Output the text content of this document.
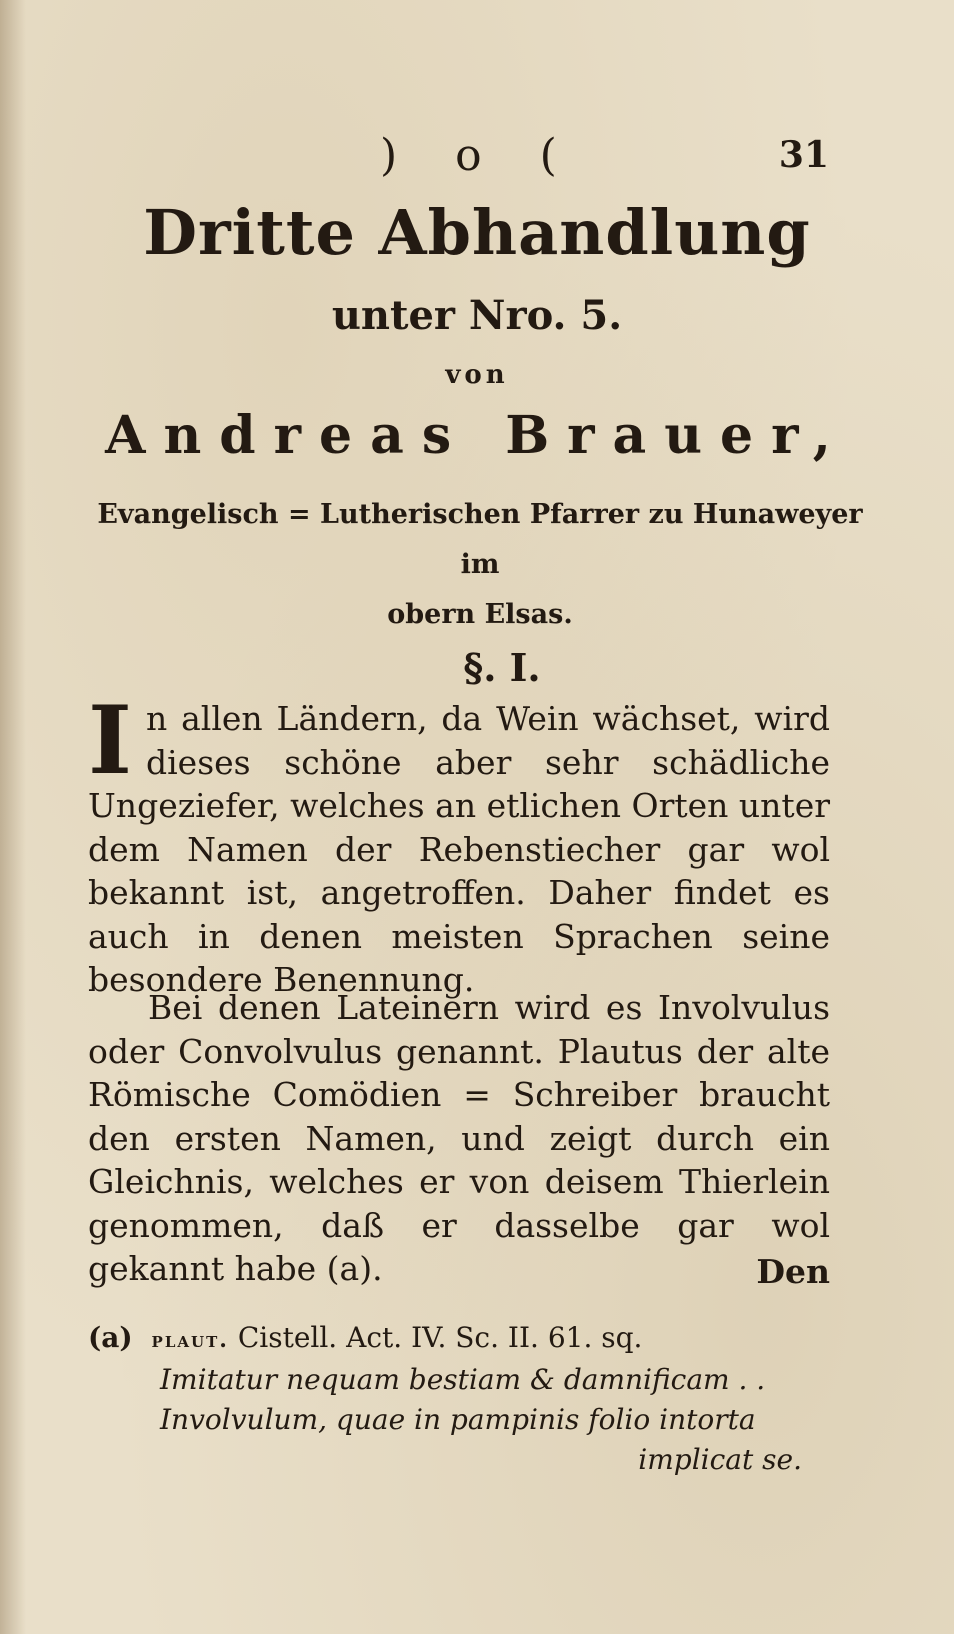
) o (	31
Dritte Abhandlung
unter Nro. 5.
von
Andreas Brauer,
Evangelisch = Lutherischen Pfarrer zu Hunaweyer im
obern Elsas.
§. I.
In allen Ländern, da Wein wächset, wird dieses schöne aber sehr schädliche Ungeziefer, welches an etlichen Orten unter dem Namen der Rebenstiecher gar wol bekannt ist, angetroffen. Daher findet es auch in denen meisten Sprachen seine besondere Benennung.
Bei denen Lateinern wird es Involvulus oder Convolvulus genannt. Plautus der alte Römische Comödien = Schreiber braucht den ersten Namen, und zeigt durch ein Gleichnis, welches er von deisem Thierlein genommen, daß er dasselbe gar wol gekannt habe (a).	Den
(a) plaut. Cistell. Act. IV. Sc. II. 61. sq.
Imitatur nequam bestiam & damnificam . .
Involvulum, quae in pampinis folio intorta
implicat se.
